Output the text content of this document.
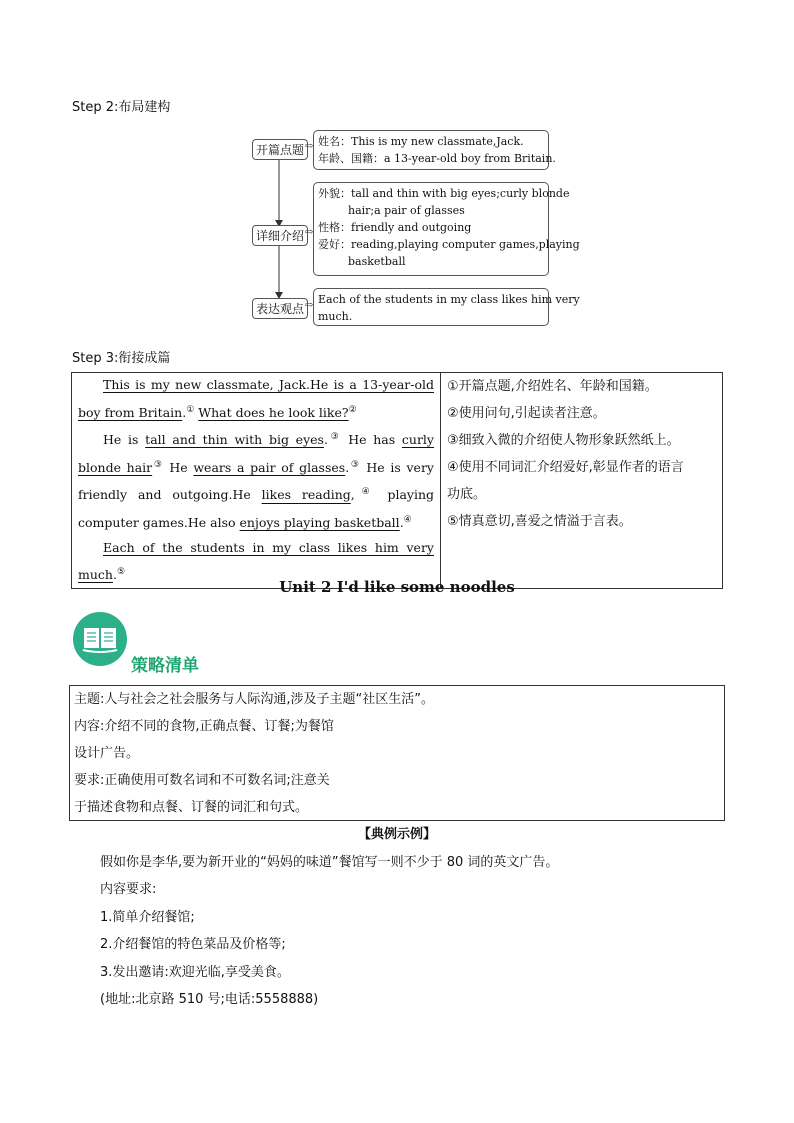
Step 2:布局建构
开篇点题 ⇨ 姓名：This is my new classmate,Jack.
年龄、国籍：a 13-year-old boy from Britain.
详细介绍 ⇨
外貌：tall and thin with big eyes;curly blonde
hair;a pair of glasses
性格：friendly and outgoing
爱好：reading,playing computer games,playing
basketball
表达观点 ⇨ Each of the students in my class likes him very
much.
Step 3:衔接成篇

This is my new classmate, Jack.He is a 13-year-old boy from Britain.① What does he look like?②

He is tall and thin with big eyes.③ He has curly blonde hair③ He wears a pair of glasses.③ He is very friendly and outgoing.He likes reading,④ playing computer games.He also enjoys playing basketball.④

Each of the students in my class likes him very much.⑤

①开篇点题,介绍姓名、年龄和国籍。

②使用问句,引起读者注意。

③细致入微的介绍使人物形象跃然纸上。

④使用不同词汇介绍爱好,彰显作者的语言

功底。

⑤情真意切,喜爱之情溢于言表。

Unit 2 I'd like some noodles
策略清单

主题:人与社会之社会服务与人际沟通,涉及子主题“社区生活”。

内容:介绍不同的食物,正确点餐、订餐;为餐馆

设计广告。

要求:正确使用可数名词和不可数名词;注意关

于描述食物和点餐、订餐的词汇和句式。

【典例示例】
假如你是李华,要为新开业的“妈妈的味道”餐馆写一则不少于 80 词的英文广告。
内容要求:
1.简单介绍餐馆;
2.介绍餐馆的特色菜品及价格等;
3.发出邀请:欢迎光临,享受美食。
(地址:北京路 510 号;电话:5558888)
